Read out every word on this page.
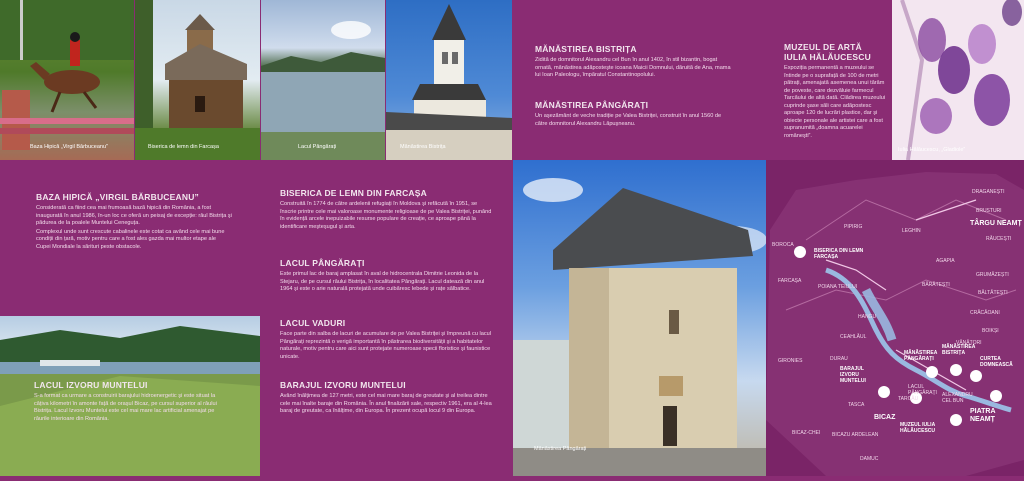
Baza Hipică „Virgil Bărbuceanu”	Biserica de lemn din Farcașa	Lacul Pângărați	Mănăstirea Bistrița
MĂNĂSTIREA BISTRIȚA

Ziditã de domnitorul Alexandru cel Bun în anul 1402, în stil bizantin, bogat ornatã, mãnãstirea adãposteşte icoana Maicii Domnului, dãruitã de Ana, mama lui Ioan Paleologu, împãratul Constantinopolului.

MĂNĂSTIREA PÂNGĂRAȚI

Un aşezãmânt de veche tradiție pe Valea Bistriței, construit în anul 1560 de cãtre domnitorul Alexandru Lãpuşneanu.

MUZEUL DE ARTĂ IULIA HĂLĂUCESCU

Expoziția permanentã a muzeului se întinde pe o suprafațã de 100 de metri pãtrați, amenajatã asemenea unui târâm de poveste, care dezvãluie farmecul Tarcãului de altã datã. Clãdirea muzeului cuprinde şase sãli care adãpostesc aproape 120 de lucrãri plastice, dar şi obiecte personale ale artistei care a fost supranumitã „doamna acuarelei româneşti”.

Iulia Hălăucescu, „Gladiole”
BAZA HIPICĂ „VIRGIL BĂRBUCEANU”

Consideratã ca fiind cea mai frumoasã bazã hipicã din România, a fost inauguratã în anul 1986, în-un loc ce oferã un peisaj de excepție: râul Bistrița şi pãdurea de la poalele Muntelui Ceneguța.

Complexul unde sunt crescute cabalinele este cotat ca având cele mai bune condiții din țarã, motiv pentru care a fost ales gazda mai multor etape ale Cupei Mondiale la sãrituri peste obstacole.

LACUL IZVORU MUNTELUI

S-a format ca urmare a construirii barajului hidroenergetic şi este situat la câțiva kilometri în amonte fațã de oraşul Bicaz, pe cursul superior al râului Bistrița. Lacul Izvoru Muntelui este cel mai mare lac artificial amenajat pe râurile interioare din România.

BISERICA DE LEMN DIN FARCAȘA

Construitã în 1774 de cãtre ardelenii refugiați în Moldova şi refãcutã în 1951, se înscrie printre cele mai valoroase monumente religioase de pe Valea Bistriței, punând în evidențã arcele inepuizabile resurse populare de creație, ce aproape pânã la identificare meşteşugul şi arta.

LACUL PÂNGĂRAȚI

Este primul lac de baraj amplasat în aval de hidrocentrala Dimitrie Leonida de la Stejaru, de pe cursul râului Bistrița, în localitatea Pângãrați. Lacul dateazã din anul 1964 şi este o arie naturalã protejatã unde cuibãresc lebede şi rațe sãlbatice.

LACUL VADURI

Face parte din salba de lacuri de acumulare de pe Valea Bistriței şi împreunã cu lacul Pângãrați reprezintã o verigã importantã în pãstrarea biodiversitãții şi a habitatelor naturale, motiv pentru care aici sunt protejate numeroase specii floristice şi faunistice unicate.

BARAJUL IZVORU MUNTELUI

Având înãlțimea de 127 metri, este cel mai mare baraj de greutate şi al treilea dintre cele mai înalte baraje din România. În anul finalizãrii sale, respectiv 1961, era al 4-lea baraj de greutate, ca înãlțime, din Europa. În prezent ocupã locul 9 din Europa.

Mănăstirea Pângărați
DRAGANEȘTI
BRUSTURI
TÂRGU NEAMȚ
RĂUCEȘTI
LEGHIN
PIPIRIG
AGAPIA
GRUMĂZEȘTI
BĂLTĂTEȘTI
BĂRĂTEȘTI
BOROCA
FARCAȘA
POIANA TEIULUI
BISERICA DIN LEMN FARCAȘA
HANGU
CRĂCĂOANI
CEAHLĂUL
BOIKȘI
VÂNĂTORI
GIRONIES	DURAU
BARAJUL IZVORU MUNTELUI
MĂNĂSTIREA PÂNGĂRAȚI
MĂNĂSTIREA BISTRIȚA
CURTEA DOMNEASCĂ
TARCĂU
LACUL PÂNGĂRAȚI	ALEXANDRU CEL BUN
PIATRA NEAMȚ
BICAZ
MUZEUL IULIA HĂLĂUCESCU
TASCA
BICAZ-CHEI BICAZU ARDELEAN
DAMUC
